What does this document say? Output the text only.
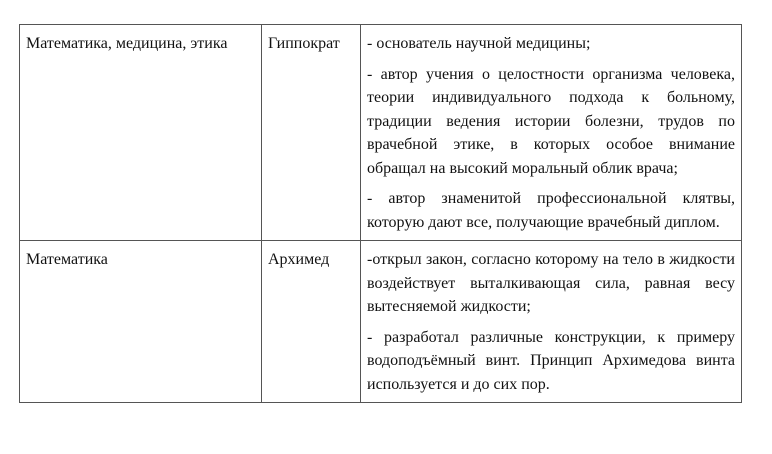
Математика, медицина, этика	Гиппократ	- основатель научной медицины;

- автор учения о целостности организма человека, теории индивидуального подхода к больному, традиции ведения истории болезни, трудов по врачебной этике, в которых особое внимание обращал на высокий моральный облик врача;

- автор знаменитой профессиональной клятвы, которую дают все, получающие врачебный диплом.

Математика	Архимед	-открыл закон, согласно которому на тело в жидкости воздействует выталкивающая сила, равная весу вытесняемой жидкости;

- разработал различные конструкции, к примеру водоподъёмный винт. Принцип Архимедова винта используется и до сих пор.
